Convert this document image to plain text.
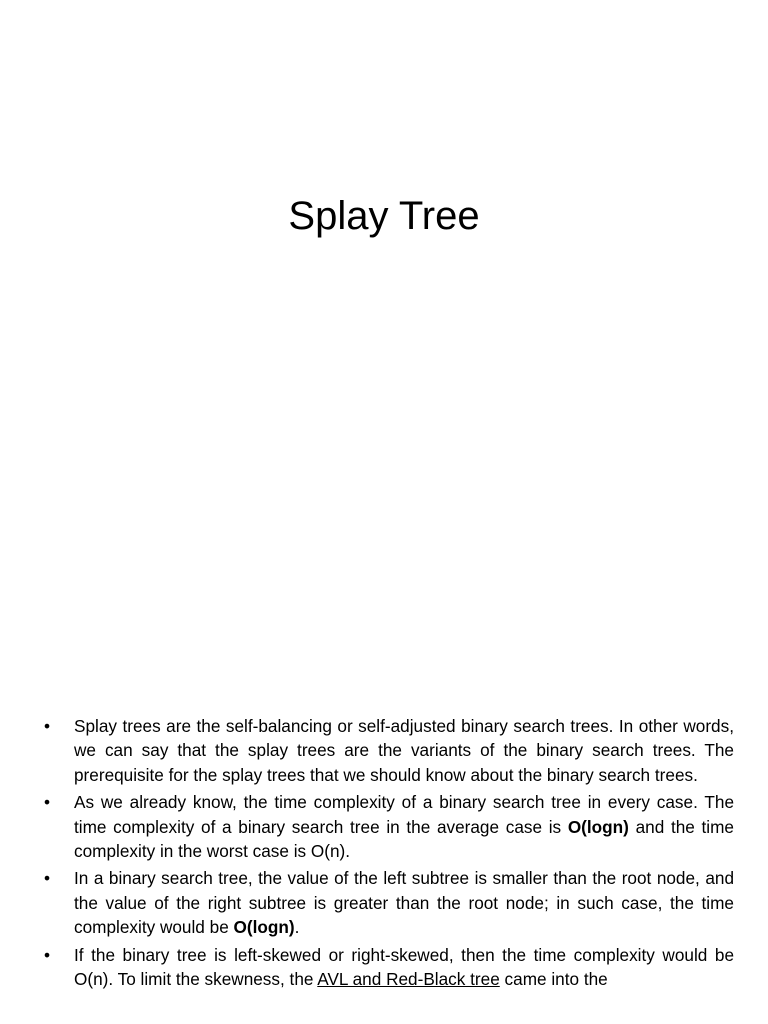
Splay Tree
•	Splay trees are the self-balancing or self-adjusted binary search trees. In other words, we can say that the splay trees are the variants of the binary search trees. The prerequisite for the splay trees that we should know about the binary search trees.
•	As we already know, the time complexity of a binary search tree in every case. The time complexity of a binary search tree in the average case is O(logn) and the time complexity in the worst case is O(n).
•	In a binary search tree, the value of the left subtree is smaller than the root node, and the value of the right subtree is greater than the root node; in such case, the time complexity would be O(logn).
•	If the binary tree is left-skewed or right-skewed, then the time complexity would be O(n). To limit the skewness, the AVL and Red-Black tree came into the
